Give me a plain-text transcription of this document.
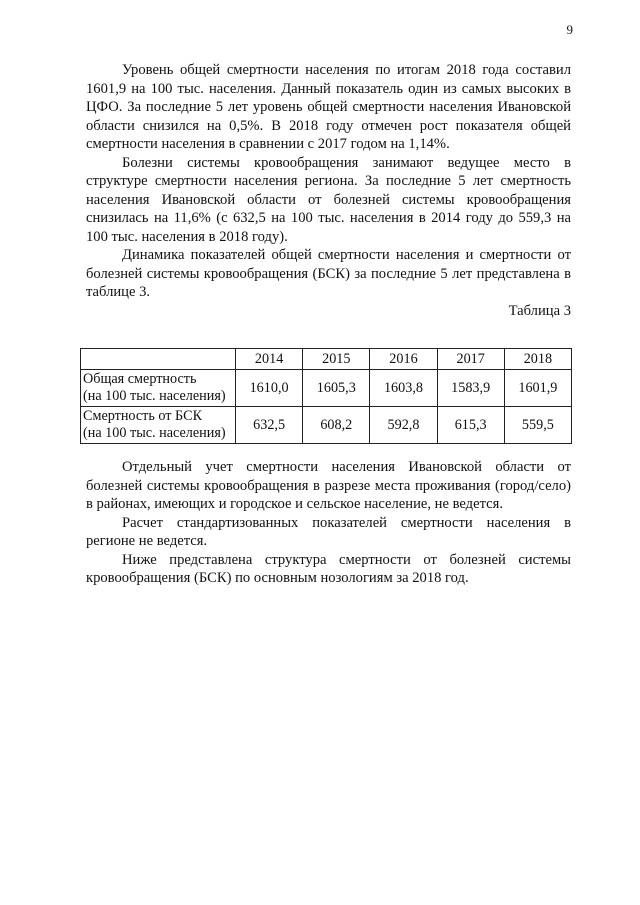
9

Уровень общей смертности населения по итогам 2018 года составил 1601,9 на 100 тыс. населения. Данный показатель один из самых высоких в ЦФО. За последние 5 лет уровень общей смертности населения Ивановской области снизился на 0,5%. В 2018 году отмечен рост показателя общей смертности населения в сравнении с 2017 годом на 1,14%.

Болезни системы кровообращения занимают ведущее место в структуре смертности населения региона. За последние 5 лет смертность населения Ивановской области от болезней системы кровообращения снизилась на 11,6% (с 632,5 на 100 тыс. населения в 2014 году до 559,3 на 100 тыс. населения в 2018 году).

Динамика показателей общей смертности населения и смертности от болезней системы кровообращения (БСК) за последние 5 лет представлена в таблице 3.

Таблица 3
	2014	2015	2016	2017	2018
Общая смертность
(на 100 тыс. населения)	1610,0	1605,3	1603,8	1583,9	1601,9
Смертность от БСК
(на 100 тыс. населения)	632,5	608,2	592,8	615,3	559,5

Отдельный учет смертности населения Ивановской области от болезней системы кровообращения в разрезе места проживания (город/село) в районах, имеющих и городское и сельское население, не ведется.

Расчет стандартизованных показателей смертности населения в регионе не ведется.

Ниже представлена структура смертности от болезней системы кровообращения (БСК) по основным нозологиям за 2018 год.
